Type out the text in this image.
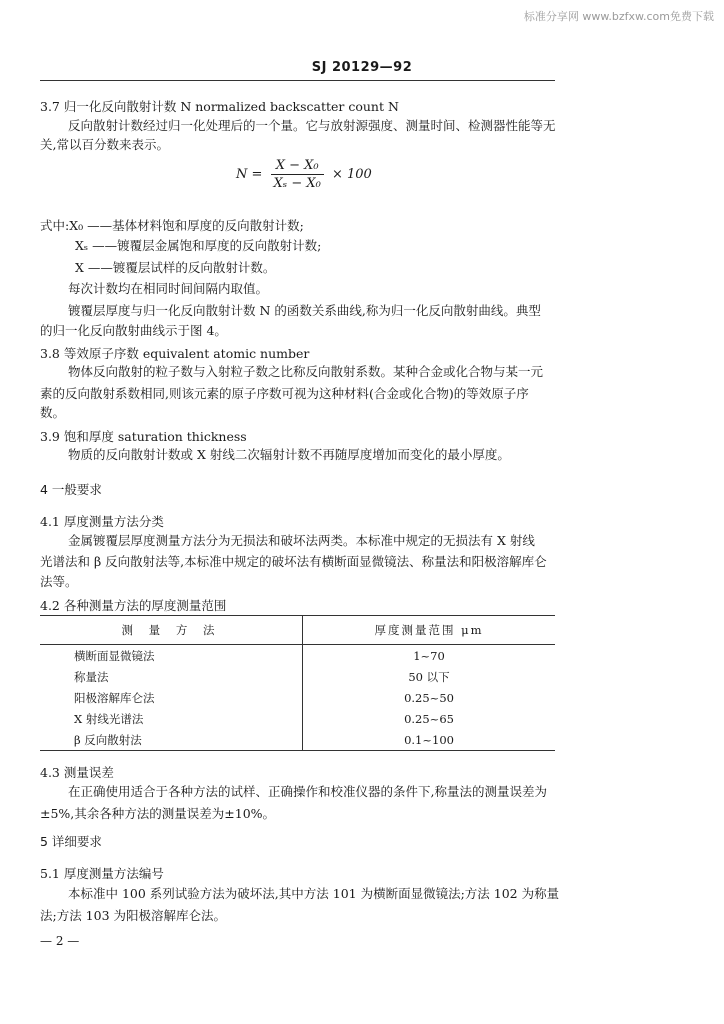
标准分享网 www.bzfxw.com免费下载
SJ 20129—92
3.7 归一化反向散射计数 N normalized backscatter count N
反向散射计数经过归一化处理后的一个量。它与放射源强度、测量时间、检测器性能等无
关,常以百分数来表示。
$N = \frac{\text{X − X₀}}{\text{Xₛ − X₀}} \times 100$
式中:X₀ ——基体材料饱和厚度的反向散射计数;
Xₛ ——镀覆层金属饱和厚度的反向散射计数;
X ——镀覆层试样的反向散射计数。
每次计数均在相同时间间隔内取值。
镀覆层厚度与归一化反向散射计数 N 的函数关系曲线,称为归一化反向散射曲线。典型
的归一化反向散射曲线示于图 4。
3.8 等效原子序数 equivalent atomic number
物体反向散射的粒子数与入射粒子数之比称反向散射系数。某种合金或化合物与某一元
素的反向散射系数相同,则该元素的原子序数可视为这种材料(合金或化合物)的等效原子序
数。
3.9 饱和厚度 saturation thickness
物质的反向散射计数或 X 射线二次辐射计数不再随厚度增加而变化的最小厚度。
4 一般要求
4.1 厚度测量方法分类
金属镀覆层厚度测量方法分为无损法和破坏法两类。本标准中规定的无损法有 X 射线
光谱法和 β 反向散射法等,本标准中规定的破坏法有横断面显微镜法、称量法和阳极溶解库仑
法等。
4.2 各种测量方法的厚度测量范围
测 量 方 法	厚度测量范围 μm
横断面显微镜法	1~70
称量法	50 以下
阳极溶解库仑法	0.25~50
X 射线光谱法	0.25~65
β 反向散射法	0.1~100
4.3 测量误差
在正确使用适合于各种方法的试样、正确操作和校准仪器的条件下,称量法的测量误差为
±5%,其余各种方法的测量误差为±10%。
5 详细要求
5.1 厚度测量方法编号
本标准中 100 系列试验方法为破坏法,其中方法 101 为横断面显微镜法;方法 102 为称量
法;方法 103 为阳极溶解库仑法。
— 2 —
